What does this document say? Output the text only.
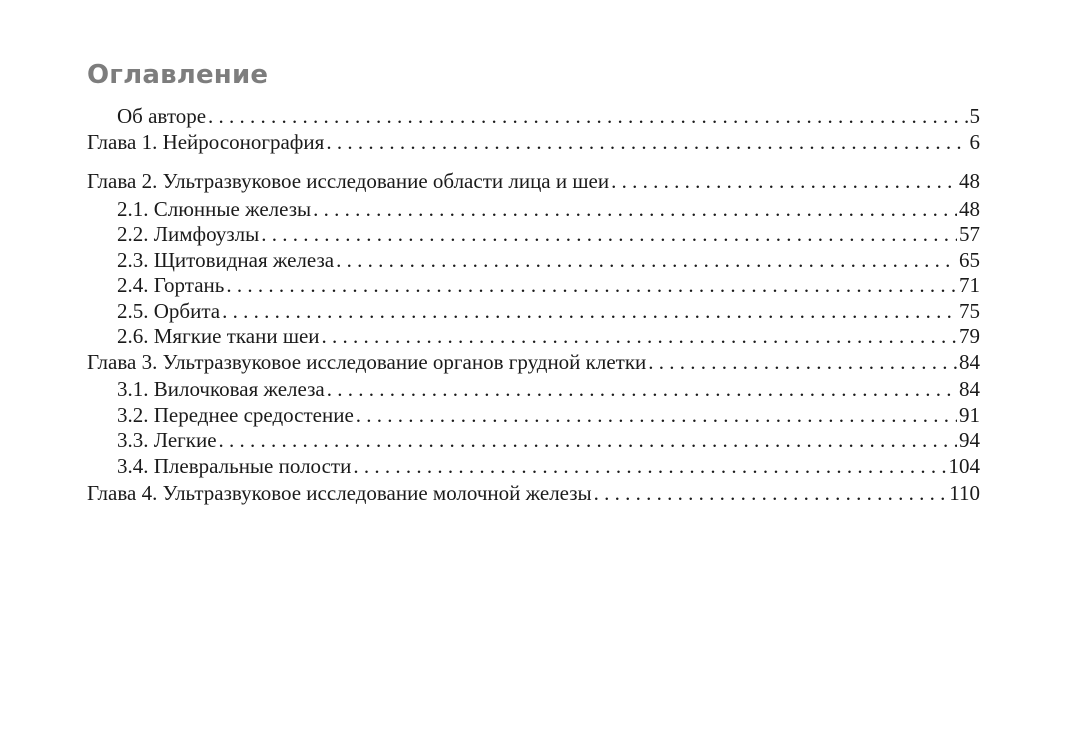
Оглавление
Об авторе . . .	5
Глава 1. Нейросонография . . .	6
Глава 2. Ультразвуковое исследование области лица и шеи . . .	48
2.1. Слюнные железы . . .	48
2.2. Лимфоузлы . . .	57
2.3. Щитовидная железа . . .	65
2.4. Гортань . . .	71
2.5. Орбита . . .	75
2.6. Мягкие ткани шеи . . .	79
Глава 3. Ультразвуковое исследование органов грудной клетки . . .	84
3.1. Вилочковая железа . . .	84
3.2. Переднее средостение . . .	91
3.3. Легкие . . .	94
3.4. Плевральные полости . . .	104
Глава 4. Ультразвуковое исследование молочной железы . . .	110
